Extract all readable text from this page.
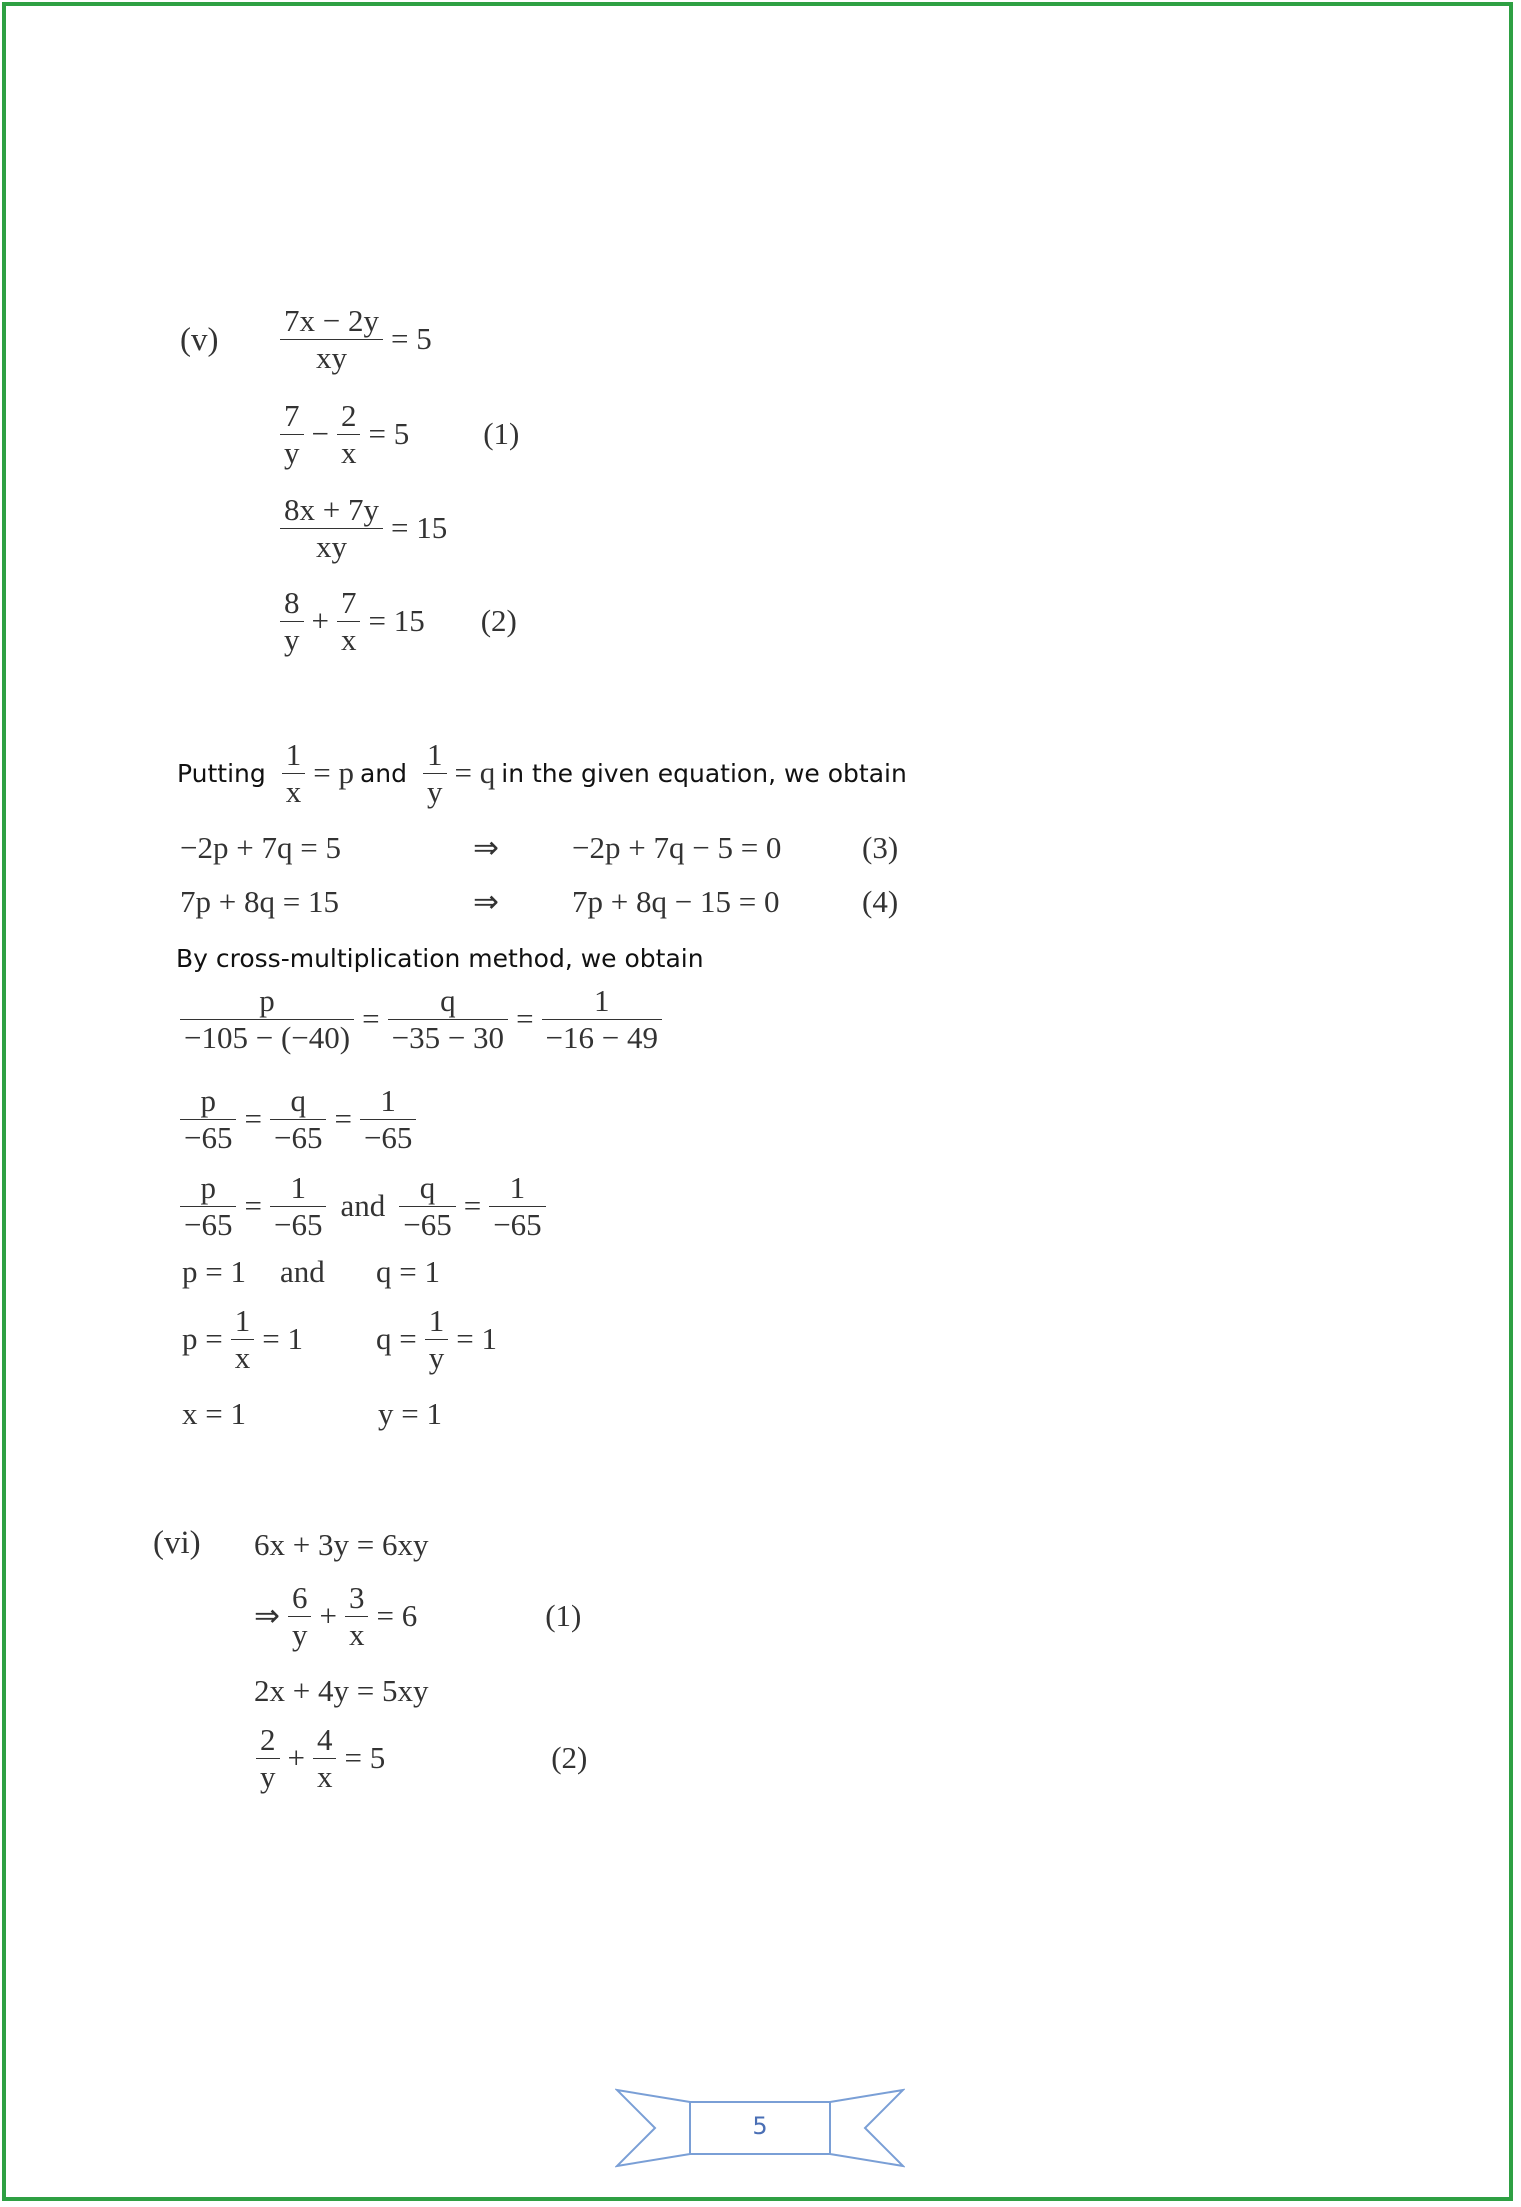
$(v) \frac{7x - 2y}{xy} = 5$
$\frac{7}{y} - \frac{2}{x} = 5$ (1)
$\frac{8x + 7y}{xy} = 15$
$\frac{8}{y} + \frac{7}{x} = 15$ (2)
Putting $\frac{1}{x} = p$ and $\frac{1}{y} = q$ in the given equation, we obtain
−2p + 7q = 5	⇒ −2p + 7q − 5 = 0	(3)
7p + 8q = 15	⇒ 7p + 8q − 15 = 0	(4)
By cross-multiplication method, we obtain
$\frac{p}{-105 - (-40)} = \frac{q}{-35 - 30} = \frac{1}{-16 - 49}$
$\frac{p}{-65} = \frac{q}{-65} = \frac{1}{-65}$
$\frac{p}{-65} = \frac{1}{-65}$ and $\frac{q}{-65} = \frac{1}{-65}$
p = 1 and q = 1
$p = \frac{1}{x} = 1$ $q = \frac{1}{y} = 1$
x = 1	y = 1
(vi) 6x + 3y = 6xy
⇒ $\frac{6}{y} + \frac{3}{x} = 6$	(1)
2x + 4y = 5xy
$\frac{2}{y} + \frac{4}{x} = 5$	(2)
5
